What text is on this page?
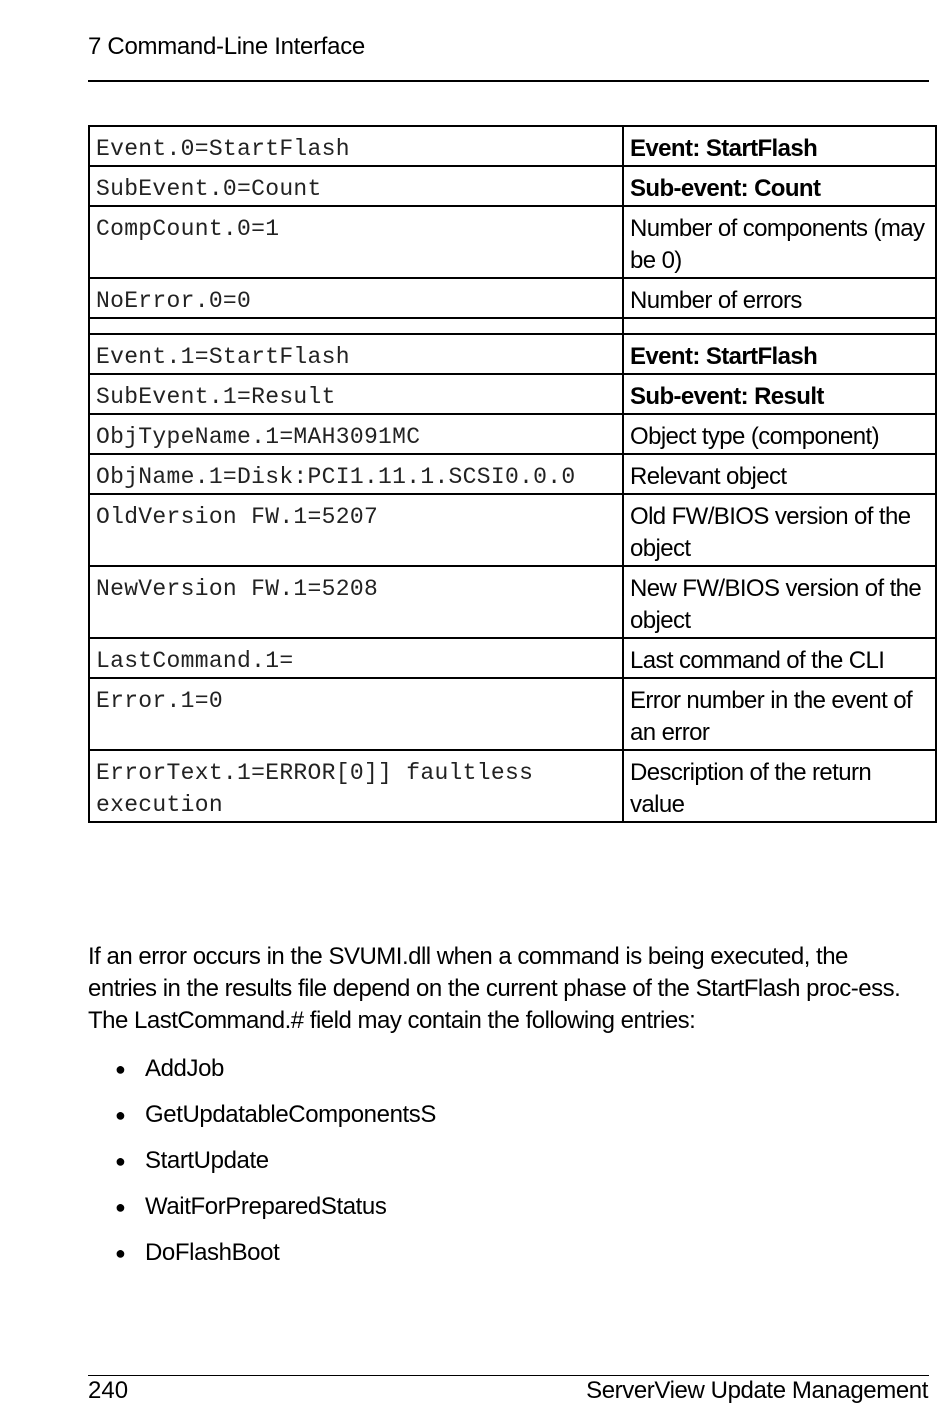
7 Command-Line Interface
Event.0=StartFlash	Event: StartFlash
SubEvent.0=Count	Sub-event: Count
CompCount.0=1	Number of components (may be 0)
NoError.0=0	Number of errors

Event.1=StartFlash	Event: StartFlash
SubEvent.1=Result	Sub-event: Result
ObjTypeName.1=MAH3091MC	Object type (component)
ObjName.1=Disk:PCI1.11.1.SCSI0.0.0	Relevant object
OldVersion FW.1=5207	Old FW/BIOS version of the object
NewVersion FW.1=5208	New FW/BIOS version of the object
LastCommand.1=	Last command of the CLI
Error.1=0	Error number in the event of an error
ErrorText.1=ERROR[0]] faultless execution	Description of the return value
If an error occurs in the SVUMI.dll when a command is being executed, the entries in the results file depend on the current phase of the StartFlash proc-ess. The LastCommand.# field may contain the following entries:
● AddJob
● GetUpdatableComponentsS
● StartUpdate
● WaitForPreparedStatus
● DoFlashBoot
240	ServerView Update Management
